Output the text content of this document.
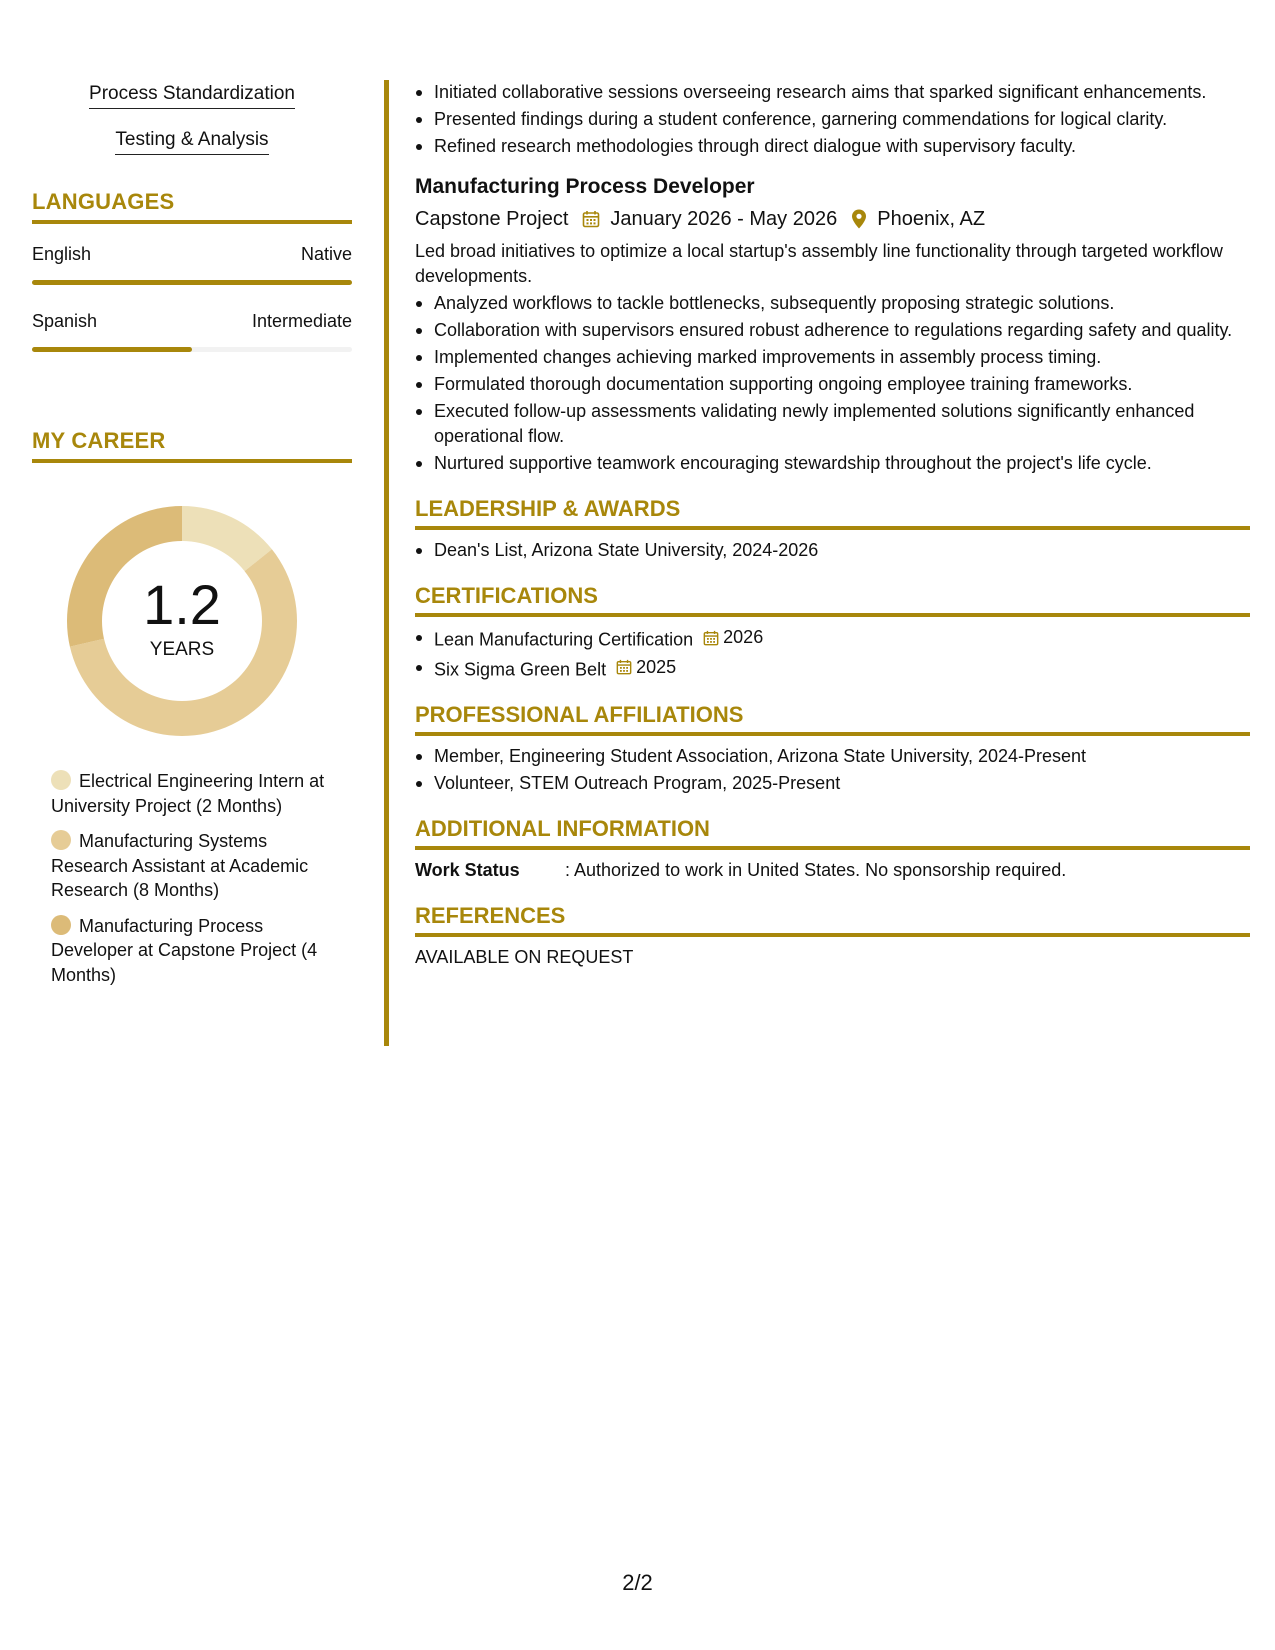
Process Standardization
Testing & Analysis
LANGUAGES
English	Native
Spanish	Intermediate
MY CAREER
1.2
YEARS
Electrical Engineering Intern at University Project (2 Months)
Manufacturing Systems Research Assistant at Academic Research (8 Months)
Manufacturing Process Developer at Capstone Project (4 Months)
Initiated collaborative sessions overseeing research aims that sparked significant enhancements.
Presented findings during a student conference, garnering commendations for logical clarity.
Refined research methodologies through direct dialogue with supervisory faculty.
Manufacturing Process Developer
Capstone Project January 2026 - May 2026 Phoenix, AZ
Led broad initiatives to optimize a local startup's assembly line functionality through targeted workflow developments.
Analyzed workflows to tackle bottlenecks, subsequently proposing strategic solutions.
Collaboration with supervisors ensured robust adherence to regulations regarding safety and quality.
Implemented changes achieving marked improvements in assembly process timing.
Formulated thorough documentation supporting ongoing employee training frameworks.
Executed follow-up assessments validating newly implemented solutions significantly enhanced operational flow.
Nurtured supportive teamwork encouraging stewardship throughout the project's life cycle.
LEADERSHIP & AWARDS
Dean's List, Arizona State University, 2024-2026
CERTIFICATIONS
Lean Manufacturing Certification 2026
Six Sigma Green Belt 2025
PROFESSIONAL AFFILIATIONS
Member, Engineering Student Association, Arizona State University, 2024-Present
Volunteer, STEM Outreach Program, 2025-Present
ADDITIONAL INFORMATION
Work Status	: Authorized to work in United States. No sponsorship required.
REFERENCES
AVAILABLE ON REQUEST
2/2
